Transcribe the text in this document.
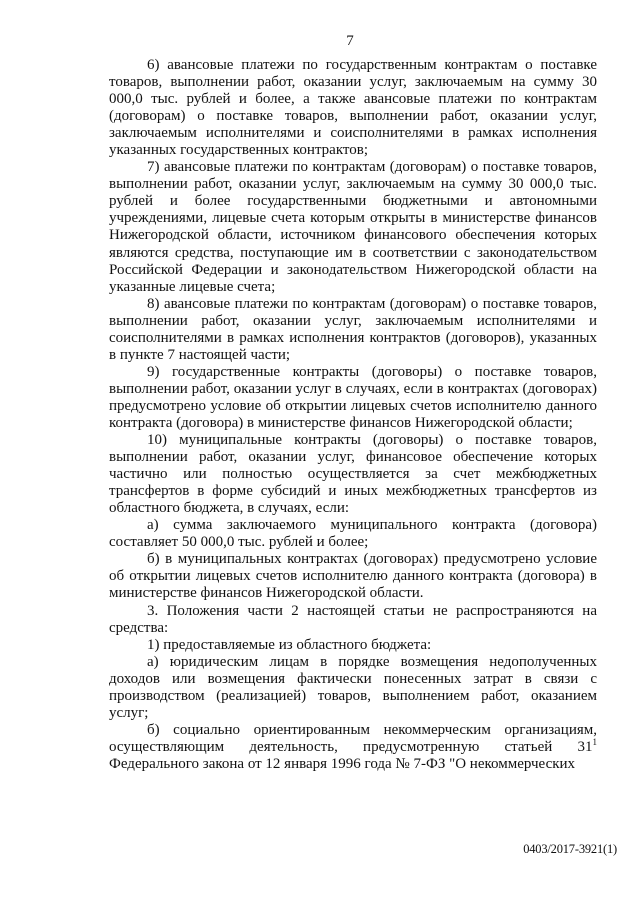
7

6) авансовые платежи по государственным контрактам о поставке товаров, выполнении работ, оказании услуг, заключаемым на сумму 30 000,0 тыс. рублей и более, а также авансовые платежи по контрактам (договорам) о поставке товаров, выполнении работ, оказании услуг, заключаемым исполнителями и соисполнителями в рамках исполнения указанных государственных контрактов;

7) авансовые платежи по контрактам (договорам) о поставке товаров, выполнении работ, оказании услуг, заключаемым на сумму 30 000,0 тыс. рублей и более государственными бюджетными и автономными учреждениями, лицевые счета которым открыты в министерстве финансов Нижегородской области, источником финансового обеспечения которых являются средства, поступающие им в соответствии с законодательством Российской Федерации и законодательством Нижегородской области на указанные лицевые счета;

8) авансовые платежи по контрактам (договорам) о поставке товаров, выполнении работ, оказании услуг, заключаемым исполнителями и соисполнителями в рамках исполнения контрактов (договоров), указанных в пункте 7 настоящей части;

9) государственные контракты (договоры) о поставке товаров, выполнении работ, оказании услуг в случаях, если в контрактах (договорах) предусмотрено условие об открытии лицевых счетов исполнителю данного контракта (договора) в министерстве финансов Нижегородской области;

10) муниципальные контракты (договоры) о поставке товаров, выполнении работ, оказании услуг, финансовое обеспечение которых частично или полностью осуществляется за счет межбюджетных трансфертов в форме субсидий и иных межбюджетных трансфертов из областного бюджета, в случаях, если:

а) сумма заключаемого муниципального контракта (договора) составляет 50 000,0 тыс. рублей и более;

б) в муниципальных контрактах (договорах) предусмотрено условие об открытии лицевых счетов исполнителю данного контракта (договора) в министерстве финансов Нижегородской области.

3. Положения части 2 настоящей статьи не распространяются на средства:

1) предоставляемые из областного бюджета:

а) юридическим лицам в порядке возмещения недополученных доходов или возмещения фактически понесенных затрат в связи с производством (реализацией) товаров, выполнением работ, оказанием услуг;

б) социально ориентированным некоммерческим организациям, осуществляющим деятельность, предусмотренную статьей $31^1$ Федерального закона от 12 января 1996 года № 7-ФЗ "О некоммерческих

0403/2017-3921(1)
